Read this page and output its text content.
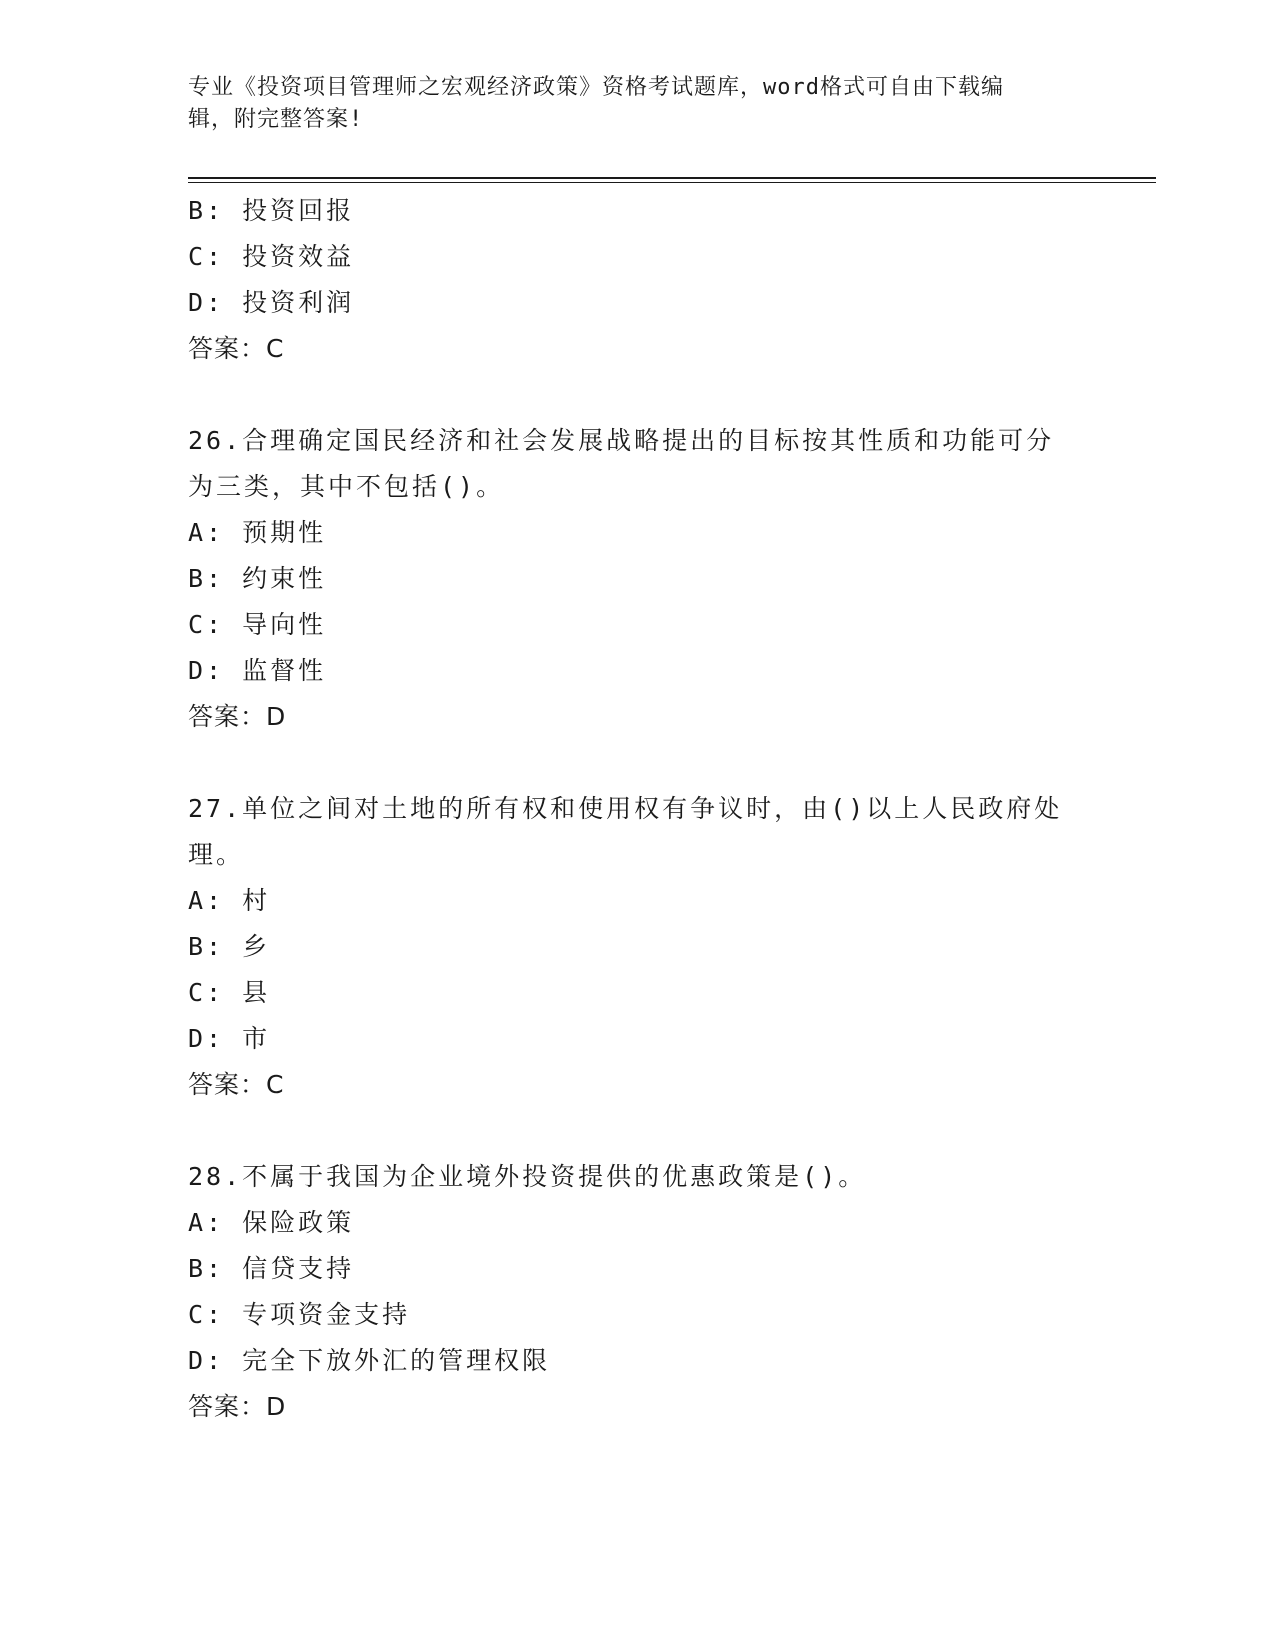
专业《投资项目管理师之宏观经济政策》资格考试题库，word格式可自由下载编
辑，附完整答案!
B: 投资回报
C: 投资效益
D: 投资利润
答案：C
26.合理确定国民经济和社会发展战略提出的目标按其性质和功能可分
为三类，其中不包括()。
A: 预期性
B: 约束性
C: 导向性
D: 监督性
答案：D
27.单位之间对土地的所有权和使用权有争议时，由()以上人民政府处
理。
A: 村
B: 乡
C: 县
D: 市
答案：C
28.不属于我国为企业境外投资提供的优惠政策是()。
A: 保险政策
B: 信贷支持
C: 专项资金支持
D: 完全下放外汇的管理权限
答案：D
